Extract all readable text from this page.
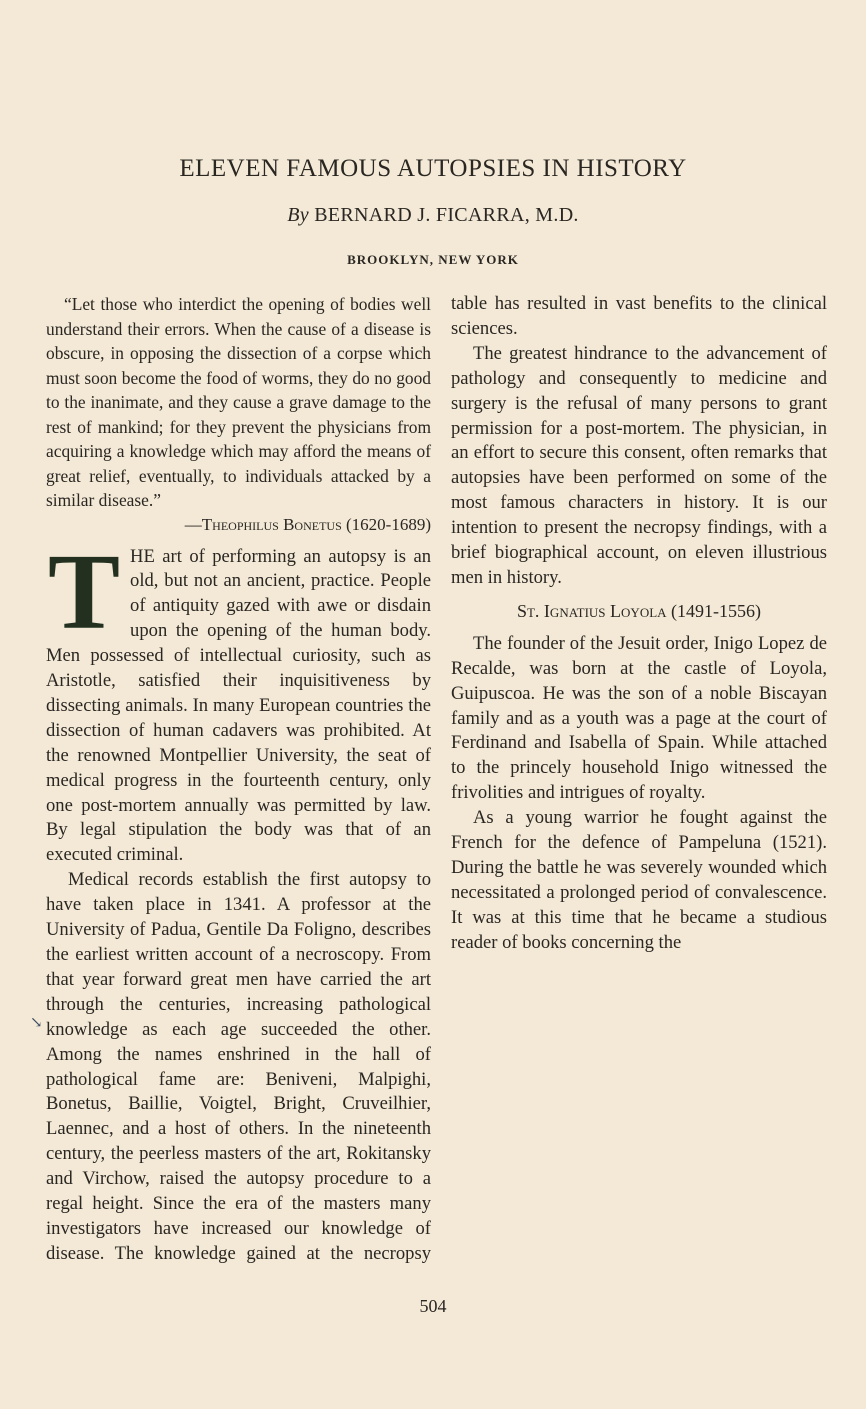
ELEVEN FAMOUS AUTOPSIES IN HISTORY
By BERNARD J. FICARRA, M.D.
BROOKLYN, NEW YORK
↘

“Let those who interdict the opening of bodies well understand their errors. When the cause of a disease is obscure, in opposing the dissection of a corpse which must soon become the food of worms, they do no good to the inanimate, and they cause a grave damage to the rest of mankind; for they prevent the physicians from acquiring a knowledge which may afford the means of great relief, eventually, to individuals attacked by a similar disease.”

—Theophilus Bonetus (1620-1689)

THE art of performing an autopsy is an old, but not an ancient, practice. People of antiquity gazed with awe or disdain upon the opening of the human body. Men possessed of intellectual curiosity, such as Aristotle, satisfied their inquisitiveness by dissecting animals. In many European countries the dissection of human cadavers was prohibited. At the renowned Montpellier University, the seat of medical progress in the fourteenth century, only one post-mortem annually was permitted by law. By legal stipulation the body was that of an executed criminal.

Medical records establish the first autopsy to have taken place in 1341. A professor at the University of Padua, Gentile Da Foligno, describes the earliest written account of a necroscopy. From that year forward great men have carried the art through the centuries, increasing pathological knowledge as each age succeeded the other. Among the names enshrined in the hall of pathological fame are: Beniveni, Malpighi, Bonetus, Baillie, Voigtel, Bright, Cruveilhier, Laennec, and a host of others. In the nineteenth century, the peerless masters of the art, Rokitansky and Virchow, raised the autopsy procedure to a regal height. Since the era of the masters many investigators have increased our knowledge of disease. The knowledge gained at the necropsy

table has resulted in vast benefits to the clinical sciences.

The greatest hindrance to the advancement of pathology and consequently to medicine and surgery is the refusal of many persons to grant permission for a post-mortem. The physician, in an effort to secure this consent, often remarks that autopsies have been performed on some of the most famous characters in history. It is our intention to present the necropsy findings, with a brief biographical account, on eleven illustrious men in history.

St. Ignatius Loyola (1491-1556)

The founder of the Jesuit order, Inigo Lopez de Recalde, was born at the castle of Loyola, Guipuscoa. He was the son of a noble Biscayan family and as a youth was a page at the court of Ferdinand and Isabella of Spain. While attached to the princely household Inigo witnessed the frivolities and intrigues of royalty.

As a young warrior he fought against the French for the defence of Pampeluna (1521). During the battle he was severely wounded which necessitated a prolonged period of convalescence. It was at this time that he became a studious reader of books concerning the

504
